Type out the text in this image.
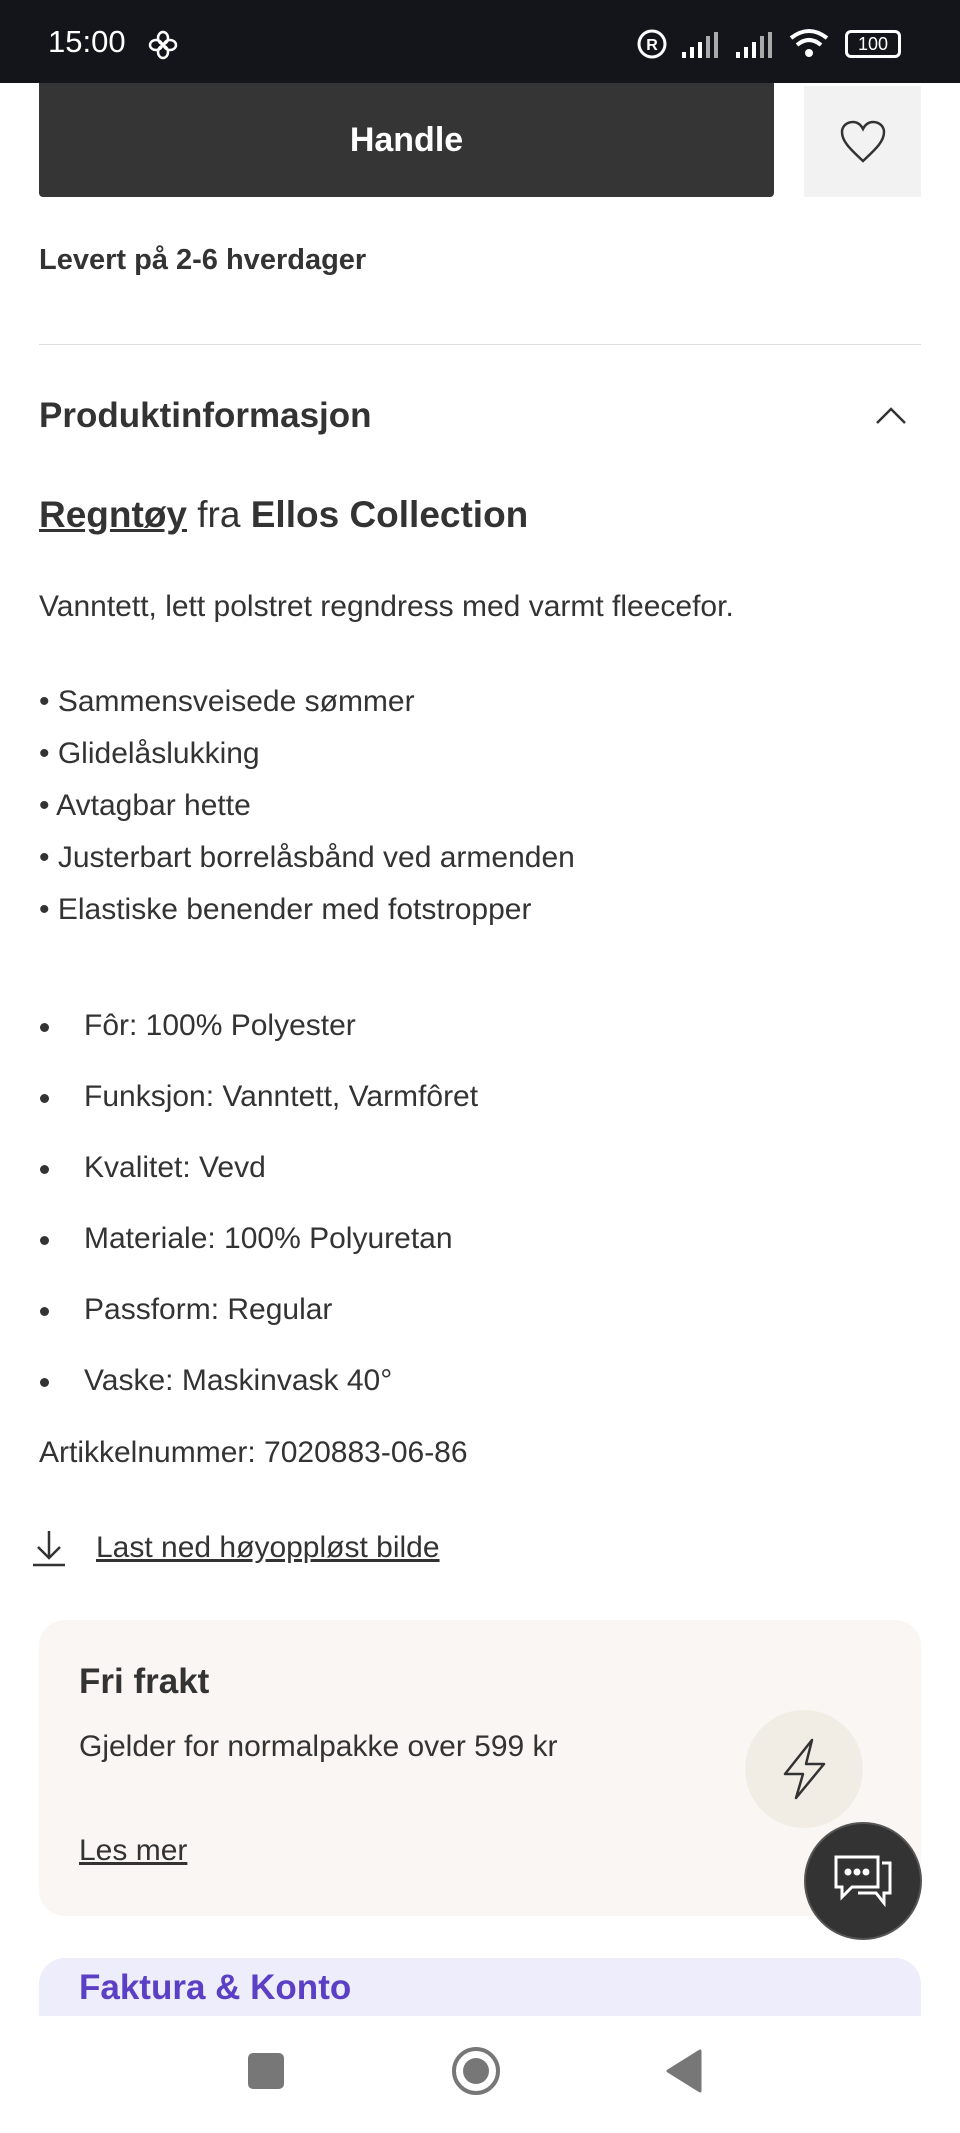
15:00	R	100
Handle
Levert på 2-6 hverdager
Produktinformasjon
Regntøy fra Ellos Collection
Vanntett, lett polstret regndress med varmt fleecefor.
• Sammensveisede sømmer
• Glidelåslukking
• Avtagbar hette
• Justerbart borrelåsbånd ved armenden
• Elastiske benender med fotstropper
Fôr: 100% Polyester
Funksjon: Vanntett, Varmfôret
Kvalitet: Vevd
Materiale: 100% Polyuretan
Passform: Regular
Vaske: Maskinvask 40°
Artikkelnummer: 7020883-06-86
Last ned høyoppløst bilde
Fri frakt
Gjelder for normalpakke over 599 kr
Les mer
Faktura & Konto
